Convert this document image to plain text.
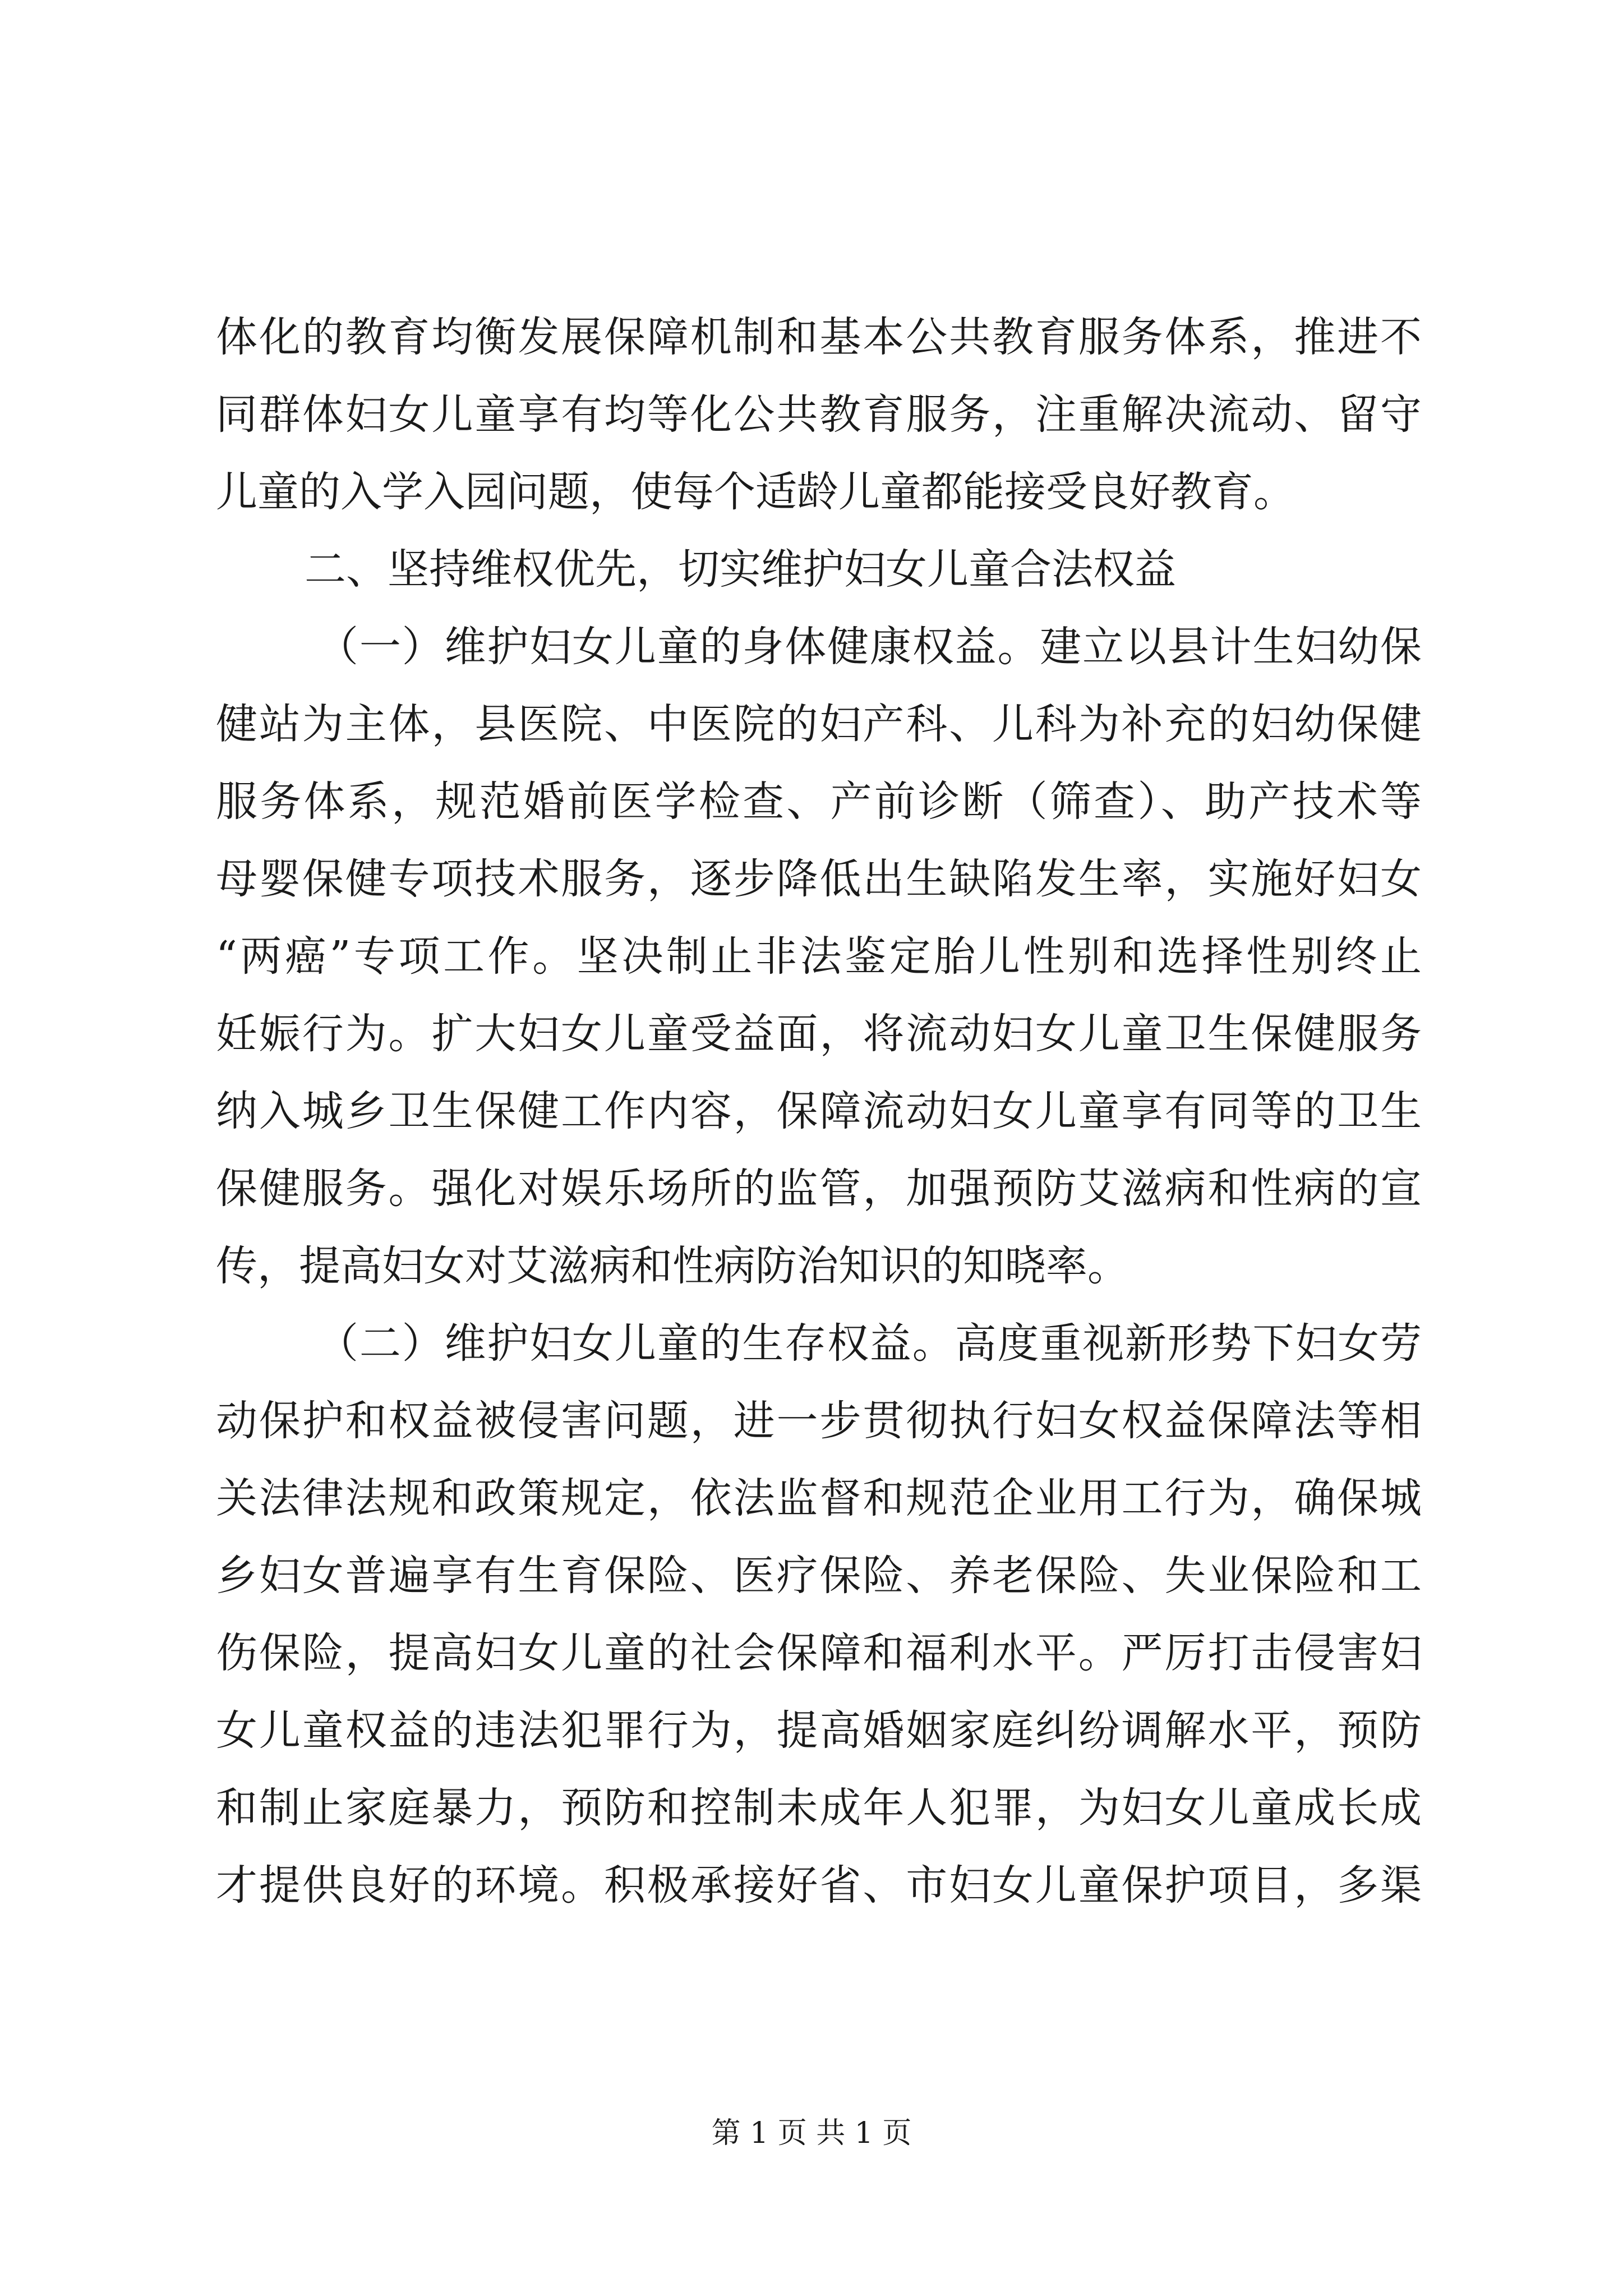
体化的教育均衡发展保障机制和基本公共教育服务体系，推进不
同群体妇女儿童享有均等化公共教育服务，注重解决流动、留守
儿童的入学入园问题，使每个适龄儿童都能接受良好教育。
二、坚持维权优先，切实维护妇女儿童合法权益
（一）维护妇女儿童的身体健康权益。建立以县计生妇幼保
健站为主体，县医院、中医院的妇产科、儿科为补充的妇幼保健
服务体系，规范婚前医学检查、产前诊断（筛查）、助产技术等
母婴保健专项技术服务，逐步降低出生缺陷发生率，实施好妇女
“两癌”专项工作。坚决制止非法鉴定胎儿性别和选择性别终止
妊娠行为。扩大妇女儿童受益面，将流动妇女儿童卫生保健服务
纳入城乡卫生保健工作内容，保障流动妇女儿童享有同等的卫生
保健服务。强化对娱乐场所的监管，加强预防艾滋病和性病的宣
传，提高妇女对艾滋病和性病防治知识的知晓率。
（二）维护妇女儿童的生存权益。高度重视新形势下妇女劳
动保护和权益被侵害问题，进一步贯彻执行妇女权益保障法等相
关法律法规和政策规定，依法监督和规范企业用工行为，确保城
乡妇女普遍享有生育保险、医疗保险、养老保险、失业保险和工
伤保险，提高妇女儿童的社会保障和福利水平。严厉打击侵害妇
女儿童权益的违法犯罪行为，提高婚姻家庭纠纷调解水平，预防
和制止家庭暴力，预防和控制未成年人犯罪，为妇女儿童成长成
才提供良好的环境。积极承接好省、市妇女儿童保护项目，多渠
第 1 页 共 1 页
